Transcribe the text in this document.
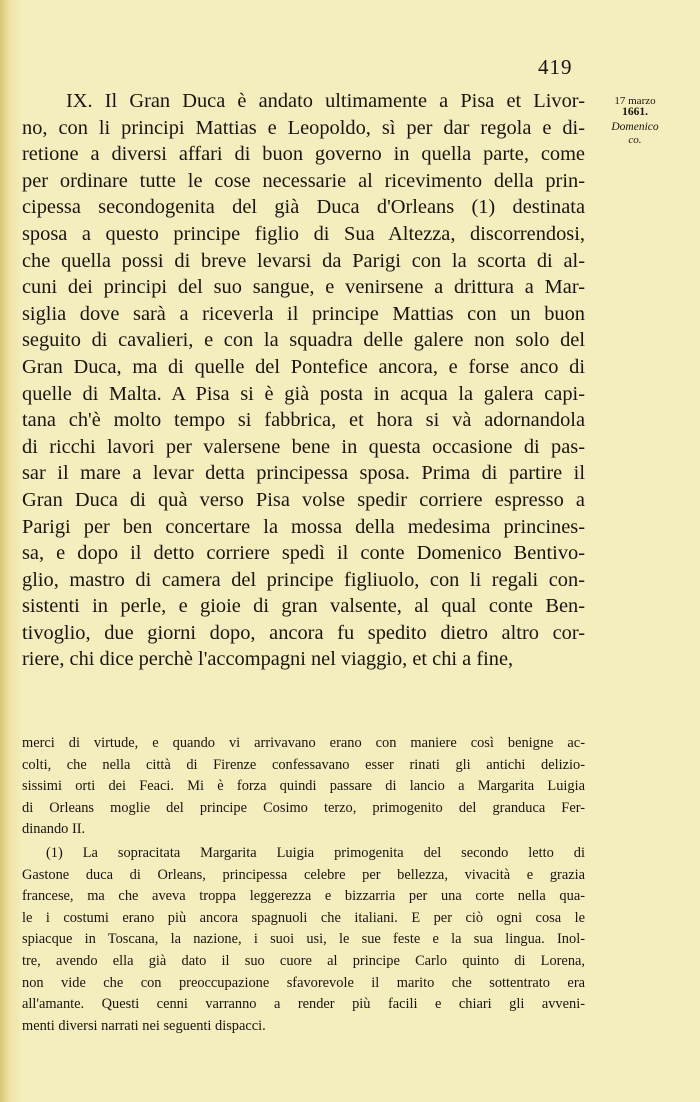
419
17 marzo
1661.
Domenico
co.
IX. Il Gran Duca è andato ultimamente a Pisa et Livor-
no, con li principi Mattias e Leopoldo, sì per dar regola e di-
retione a diversi affari di buon governo in quella parte, come
per ordinare tutte le cose necessarie al ricevimento della prin-
cipessa secondogenita del già Duca d'Orleans (1) destinata
sposa a questo principe figlio di Sua Altezza, discorrendosi,
che quella possi di breve levarsi da Parigi con la scorta di al-
cuni dei principi del suo sangue, e venirsene a drittura a Mar-
siglia dove sarà a riceverla il principe Mattias con un buon
seguito di cavalieri, e con la squadra delle galere non solo del
Gran Duca, ma di quelle del Pontefice ancora, e forse anco di
quelle di Malta. A Pisa si è già posta in acqua la galera capi-
tana ch'è molto tempo si fabbrica, et hora si và adornandola
di ricchi lavori per valersene bene in questa occasione di pas-
sar il mare a levar detta principessa sposa. Prima di partire il
Gran Duca di quà verso Pisa volse spedir corriere espresso a
Parigi per ben concertare la mossa della medesima princines-
sa, e dopo il detto corriere spedì il conte Domenico Bentivo-
glio, mastro di camera del principe figliuolo, con li regali con-
sistenti in perle, e gioie di gran valsente, al qual conte Ben-
tivoglio, due giorni dopo, ancora fu spedito dietro altro cor-
riere, chi dice perchè l'accompagni nel viaggio, et chi a fine,
merci di virtude, e quando vi arrivavano erano con maniere così benigne ac-
colti, che nella città di Firenze confessavano esser rinati gli antichi delizio-
sissimi orti dei Feaci. Mi è forza quindi passare di lancio a Margarita Luigia
di Orleans moglie del principe Cosimo terzo, primogenito del granduca Fer-
dinando II.
(1) La sopracitata Margarita Luigia primogenita del secondo letto di
Gastone duca di Orleans, principessa celebre per bellezza, vivacità e grazia
francese, ma che aveva troppa leggerezza e bizzarria per una corte nella qua-
le i costumi erano più ancora spagnuoli che italiani. E per ciò ogni cosa le
spiacque in Toscana, la nazione, i suoi usi, le sue feste e la sua lingua. Inol-
tre, avendo ella già dato il suo cuore al principe Carlo quinto di Lorena,
non vide che con preoccupazione sfavorevole il marito che sottentrato era
all'amante. Questi cenni varranno a render più facili e chiari gli avveni-
menti diversi narrati nei seguenti dispacci.
